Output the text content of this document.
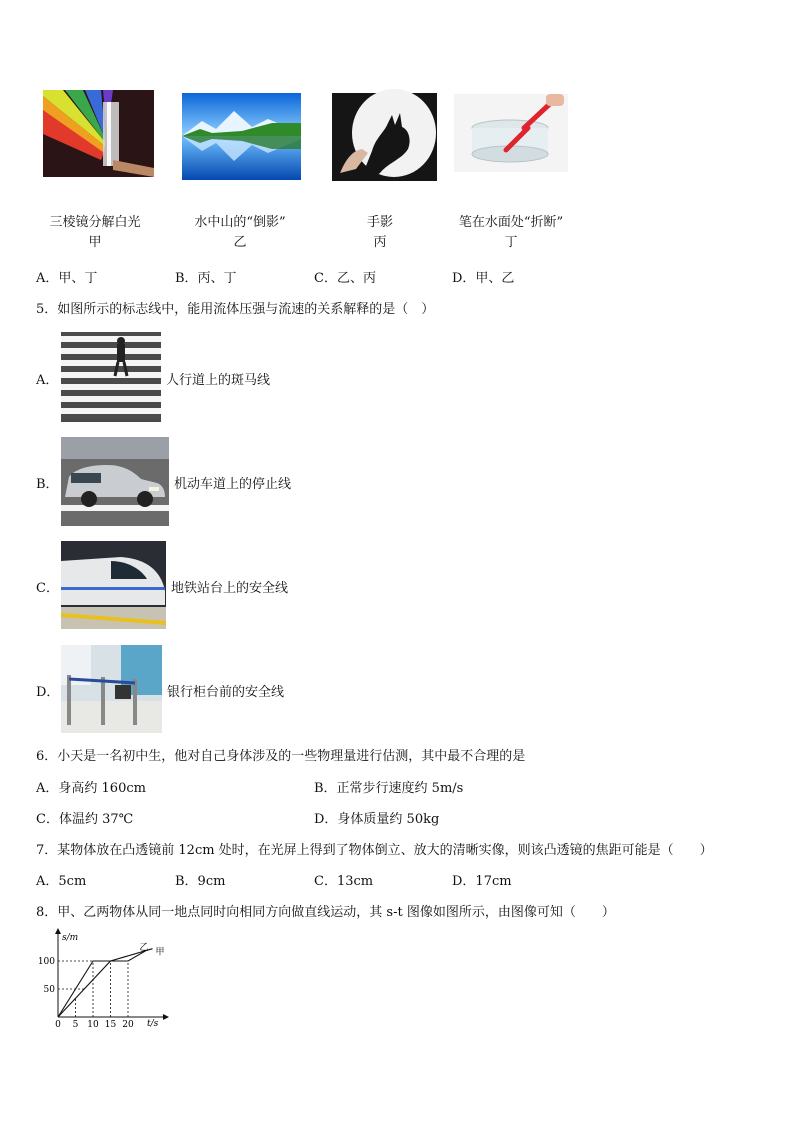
三棱镜分解白光
甲
水中山的“倒影”
乙
手影
丙
笔在水面处“折断”
丁
A．甲、丁	B．丙、丁	C．乙、丙	D．甲、乙
5．如图所示的标志线中，能用流体压强与流速的关系解释的是（　）
A．	人行道上的斑马线
B．	机动车道上的停止线
C．	地铁站台上的安全线
D．	银行柜台前的安全线
6．小天是一名初中生，他对自己身体涉及的一些物理量进行估测，其中最不合理的是
A．身高约 160cm	B．正常步行速度约 5m/s
C．体温约 37℃	D．身体质量约 50kg
7．某物体放在凸透镜前 12cm 处时，在光屏上得到了物体倒立、放大的清晰实像，则该凸透镜的焦距可能是（　　）
A．5cm	B．9cm	C．13cm	D．17cm
8．甲、乙两物体从同一地点同时向相同方向做直线运动，其 s-t 图像如图所示，由图像可知（　　）
s/m
t/s
0 5 10 15 20
50
100
甲
乙
